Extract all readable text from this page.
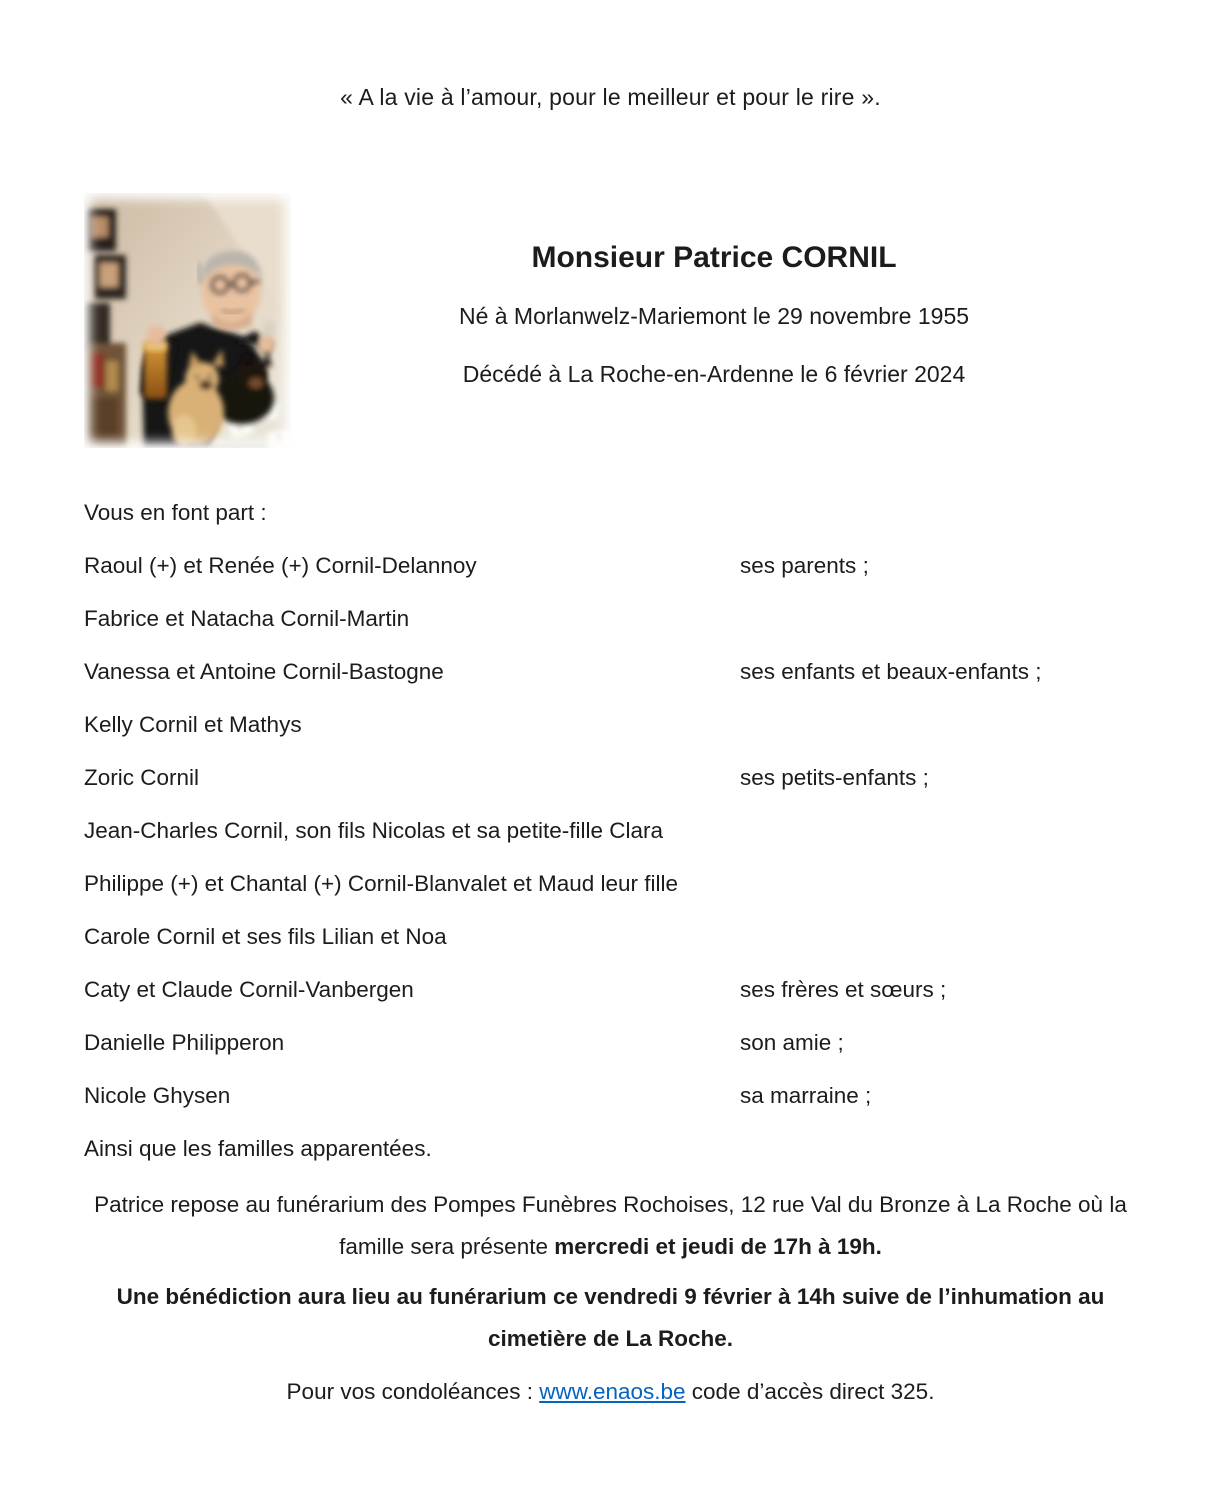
« A la vie à l’amour, pour le meilleur et pour le rire ».

Monsieur Patrice CORNIL
Né à Morlanwelz-Mariemont le 29 novembre 1955
Décédé à La Roche-en-Ardenne le 6 février 2024

Vous en font part :

Raoul (+) et Renée (+) Cornil-Delannoy	ses parents ;
Fabrice et Natacha Cornil-Martin
Vanessa et Antoine Cornil-Bastogne	ses enfants et beaux-enfants ;
Kelly Cornil et Mathys
Zoric Cornil	ses petits-enfants ;
Jean-Charles Cornil, son fils Nicolas et sa petite-fille Clara
Philippe (+) et Chantal (+) Cornil-Blanvalet et Maud leur fille
Carole Cornil et ses fils Lilian et Noa
Caty et Claude Cornil-Vanbergen	ses frères et sœurs ;
Danielle Philipperon	son amie ;
Nicole Ghysen	sa marraine ;

Ainsi que les familles apparentées.

Patrice repose au funérarium des Pompes Funèbres Rochoises, 12 rue Val du Bronze à La Roche où la famille sera présente mercredi et jeudi de 17h à 19h.

Une bénédiction aura lieu au funérarium ce vendredi 9 février à 14h suive de l’inhumation au cimetière de La Roche.

Pour vos condoléances : www.enaos.be code d’accès direct 325.
